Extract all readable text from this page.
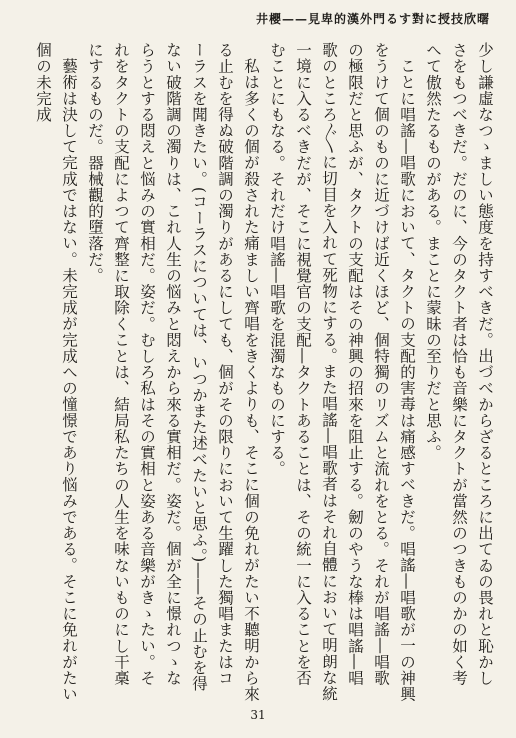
曙欣技授に對する門外漢的卑見——櫻井

少し謙虛なつゝましい態度を持すべきだ。出づべからざるところに出てゐの畏れと恥かしさをもつべきだ。だのに、今のタクト者は恰も音樂にタクトが當然のつきものかの如く考へて傲然たるものがある。まことに蒙昧の至りだと思ふ。

ことに唱謠―唱歌において、タクトの支配的害毒は痛感すべきだ。唱謠―唱歌が一の神興をうけて個のものに近づけば近くほど、個特獨のリズムと流れをとる。それが唱謠―唱歌の極限だと思ふが、タクトの支配はその神興の招來を阻止する。劒のやうな棒は唱謠―唱歌のところ〴〵に切目を入れて死物にする。また唱謠―唱歌者はそれ自體において明朗な統一境に入るべきだが、そこに視覺官の支配―タクトあることは、その統一に入ることを否むことにもなる。それだけ唱謠―唱歌を混濁なものにする。

私は多くの個が殺された痛ましい齊唱をきくよりも、そこに個の免れがたい不聽明から來る止むを得ぬ破階調の濁りがあるにしても、個がその限りにおいて生躍した獨唱またはコーラスを聞きたい。(コーラスについては、いつかまた述べたいと思ふ。)――その止むを得ない破階調の濁りは、これ人生の悩みと悶えから來る實相だ。姿だ。個が全に憬れつゝならうとする悶えと悩みの實相だ。姿だ。むしろ私はその實相と姿ある音樂がきゝたい。それをタクトの支配によつて齊整に取除くことは、結局私たちの人生を味ないものにし干槀にするものだ。器械觀的墮落だ。

藝術は決して完成ではない。未完成が完成への憧憬であり悩みである。そこに免れがたい個の未完成

31
